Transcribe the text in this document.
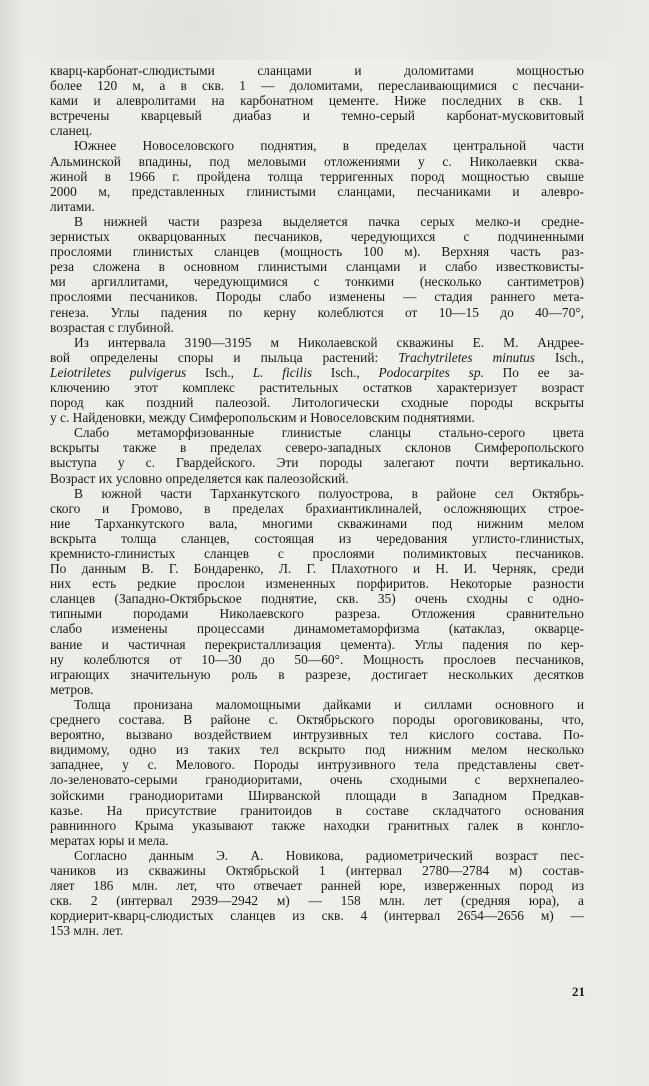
кварц-карбонат-слюдистыми сланцами и доломитами мощностью
более 120 м, а в скв. 1 — доломитами, переслаивающимися с песчани-
ками и алевролитами на карбонатном цементе. Ниже последних в скв. 1
встречены кварцевый диабаз и темно-серый карбонат-мусковитовый
сланец.

Южнее Новоселовского поднятия, в пределах центральной части
Альминской впадины, под меловыми отложениями у с. Николаевки сква-
жиной в 1966 г. пройдена толща терригенных пород мощностью свыше
2000 м, представленных глинистыми сланцами, песчаниками и алевро-
литами.

В нижней части разреза выделяется пачка серых мелко-и средне-
зернистых окварцованных песчаников, чередующихся с подчиненными
прослоями глинистых сланцев (мощность 100 м). Верхняя часть раз-
реза сложена в основном глинистыми сланцами и слабо известковисты-
ми аргиллитами, чередующимися с тонкими (несколько сантиметров)
прослоями песчаников. Породы слабо изменены — стадия раннего мета-
генеза. Углы падения по керну колеблются от 10—15 до 40—70°,
возрастая с глубиной.

Из интервала 3190—3195 м Николаевской скважины Е. М. Андрее-
вой определены споры и пыльца растений: Trachytriletes minutus Isch.,
Leiotriletes pulvigerus Isch., L. ficilis Isch., Podocarpites sp. По ее за-
ключению этот комплекс растительных остатков характеризует возраст
пород как поздний палеозой. Литологически сходные породы вскрыты
у с. Найденовки, между Симферопольским и Новоселовским поднятиями.

Слабо метаморфизованные глинистые сланцы стально-серого цвета
вскрыты также в пределах северо-западных склонов Симферопольского
выступа у с. Гвардейского. Эти породы залегают почти вертикально.
Возраст их условно определяется как палеозойский.

В южной части Тарханкутского полуострова, в районе сел Октябрь-
ского и Громово, в пределах брахиантиклиналей, осложняющих строе-
ние Тарханкутского вала, многими скважинами под нижним мелом
вскрыта толща сланцев, состоящая из чередования углисто-глинистых,
кремнисто-глинистых сланцев с прослоями полимиктовых песчаников.
По данным В. Г. Бондаренко, Л. Г. Плахотного и Н. И. Черняк, среди
них есть редкие прослои измененных порфиритов. Некоторые разности
сланцев (Западно-Октябрьское поднятие, скв. 35) очень сходны с одно-
типными породами Николаевского разреза. Отложения сравнительно
слабо изменены процессами динамометаморфизма (катаклаз, окварце-
вание и частичная перекристаллизация цемента). Углы падения по кер-
ну колеблются от 10—30 до 50—60°. Мощность прослоев песчаников,
играющих значительную роль в разрезе, достигает нескольких десятков
метров.

Толща пронизана маломощными дайками и силлами основного и
среднего состава. В районе с. Октябрьского породы ороговикованы, что,
вероятно, вызвано воздействием интрузивных тел кислого состава. По-
видимому, одно из таких тел вскрыто под нижним мелом несколько
западнее, у с. Мелового. Породы интрузивного тела представлены свет-
ло-зеленовато-серыми гранодиоритами, очень сходными с верхнепалео-
зойскими гранодиоритами Ширванской площади в Западном Предкав-
казье. На присутствие гранитоидов в составе складчатого основания
равнинного Крыма указывают также находки гранитных галек в конгло-
мератах юры и мела.

Согласно данным Э. А. Новикова, радиометрический возраст пес-
чаников из скважины Октябрьской 1 (интервал 2780—2784 м) состав-
ляет 186 млн. лет, что отвечает ранней юре, изверженных пород из
скв. 2 (интервал 2939—2942 м) — 158 млн. лет (средняя юра), а
кордиерит-кварц-слюдистых сланцев из скв. 4 (интервал 2654—2656 м) —
153 млн. лет.

21
